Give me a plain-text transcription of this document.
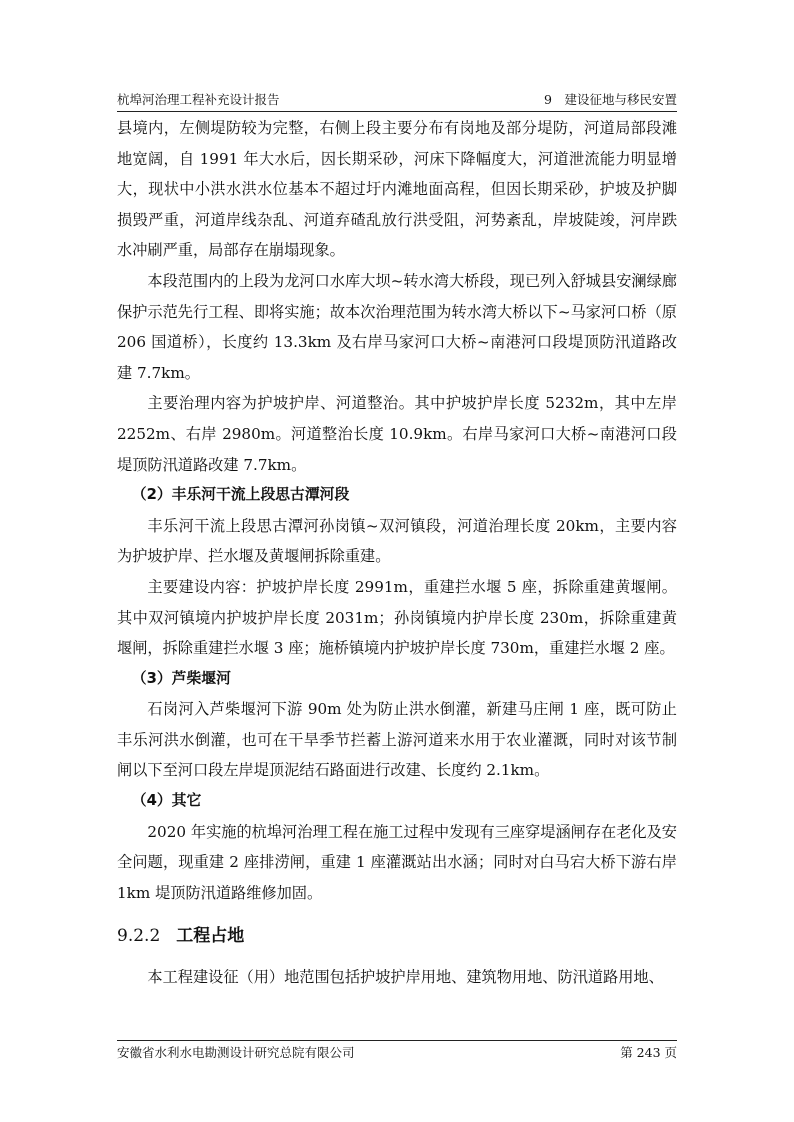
杭埠河治理工程补充设计报告	9　建设征地与移民安置

县境内，左侧堤防较为完整，右侧上段主要分布有岗地及部分堤防，河道局部段滩地宽阔，自 1991 年大水后，因长期采砂，河床下降幅度大，河道泄流能力明显增大，现状中小洪水洪水位基本不超过圩内滩地面高程，但因长期采砂，护坡及护脚损毁严重，河道岸线杂乱、河道弃碴乱放行洪受阻，河势紊乱，岸坡陡竣，河岸跌水冲刷严重，局部存在崩塌现象。

本段范围内的上段为龙河口水库大坝~转水湾大桥段，现已列入舒城县安澜绿廊保护示范先行工程、即将实施；故本次治理范围为转水湾大桥以下~马家河口桥（原 206 国道桥），长度约 13.3km 及右岸马家河口大桥~南港河口段堤顶防汛道路改建 7.7km。

主要治理内容为护坡护岸、河道整治。其中护坡护岸长度 5232m，其中左岸 2252m、右岸 2980m。河道整治长度 10.9km。右岸马家河口大桥~南港河口段堤顶防汛道路改建 7.7km。

（2）丰乐河干流上段思古潭河段

丰乐河干流上段思古潭河孙岗镇~双河镇段，河道治理长度 20km，主要内容为护坡护岸、拦水堰及黄堰闸拆除重建。

主要建设内容：护坡护岸长度 2991m，重建拦水堰 5 座，拆除重建黄堰闸。其中双河镇境内护坡护岸长度 2031m；孙岗镇境内护岸长度 230m，拆除重建黄堰闸，拆除重建拦水堰 3 座；施桥镇境内护坡护岸长度 730m，重建拦水堰 2 座。

（3）芦柴堰河

石岗河入芦柴堰河下游 90m 处为防止洪水倒灌，新建马庄闸 1 座，既可防止丰乐河洪水倒灌，也可在干旱季节拦蓄上游河道来水用于农业灌溉，同时对该节制闸以下至河口段左岸堤顶泥结石路面进行改建、长度约 2.1km。

（4）其它

2020 年实施的杭埠河治理工程在施工过程中发现有三座穿堤涵闸存在老化及安全问题，现重建 2 座排涝闸，重建 1 座灌溉站出水涵；同时对白马宕大桥下游右岸 1km 堤顶防汛道路维修加固。

9.2.2 工程占地

本工程建设征（用）地范围包括护坡护岸用地、建筑物用地、防汛道路用地、

安徽省水利水电勘测设计研究总院有限公司	第 243 页
